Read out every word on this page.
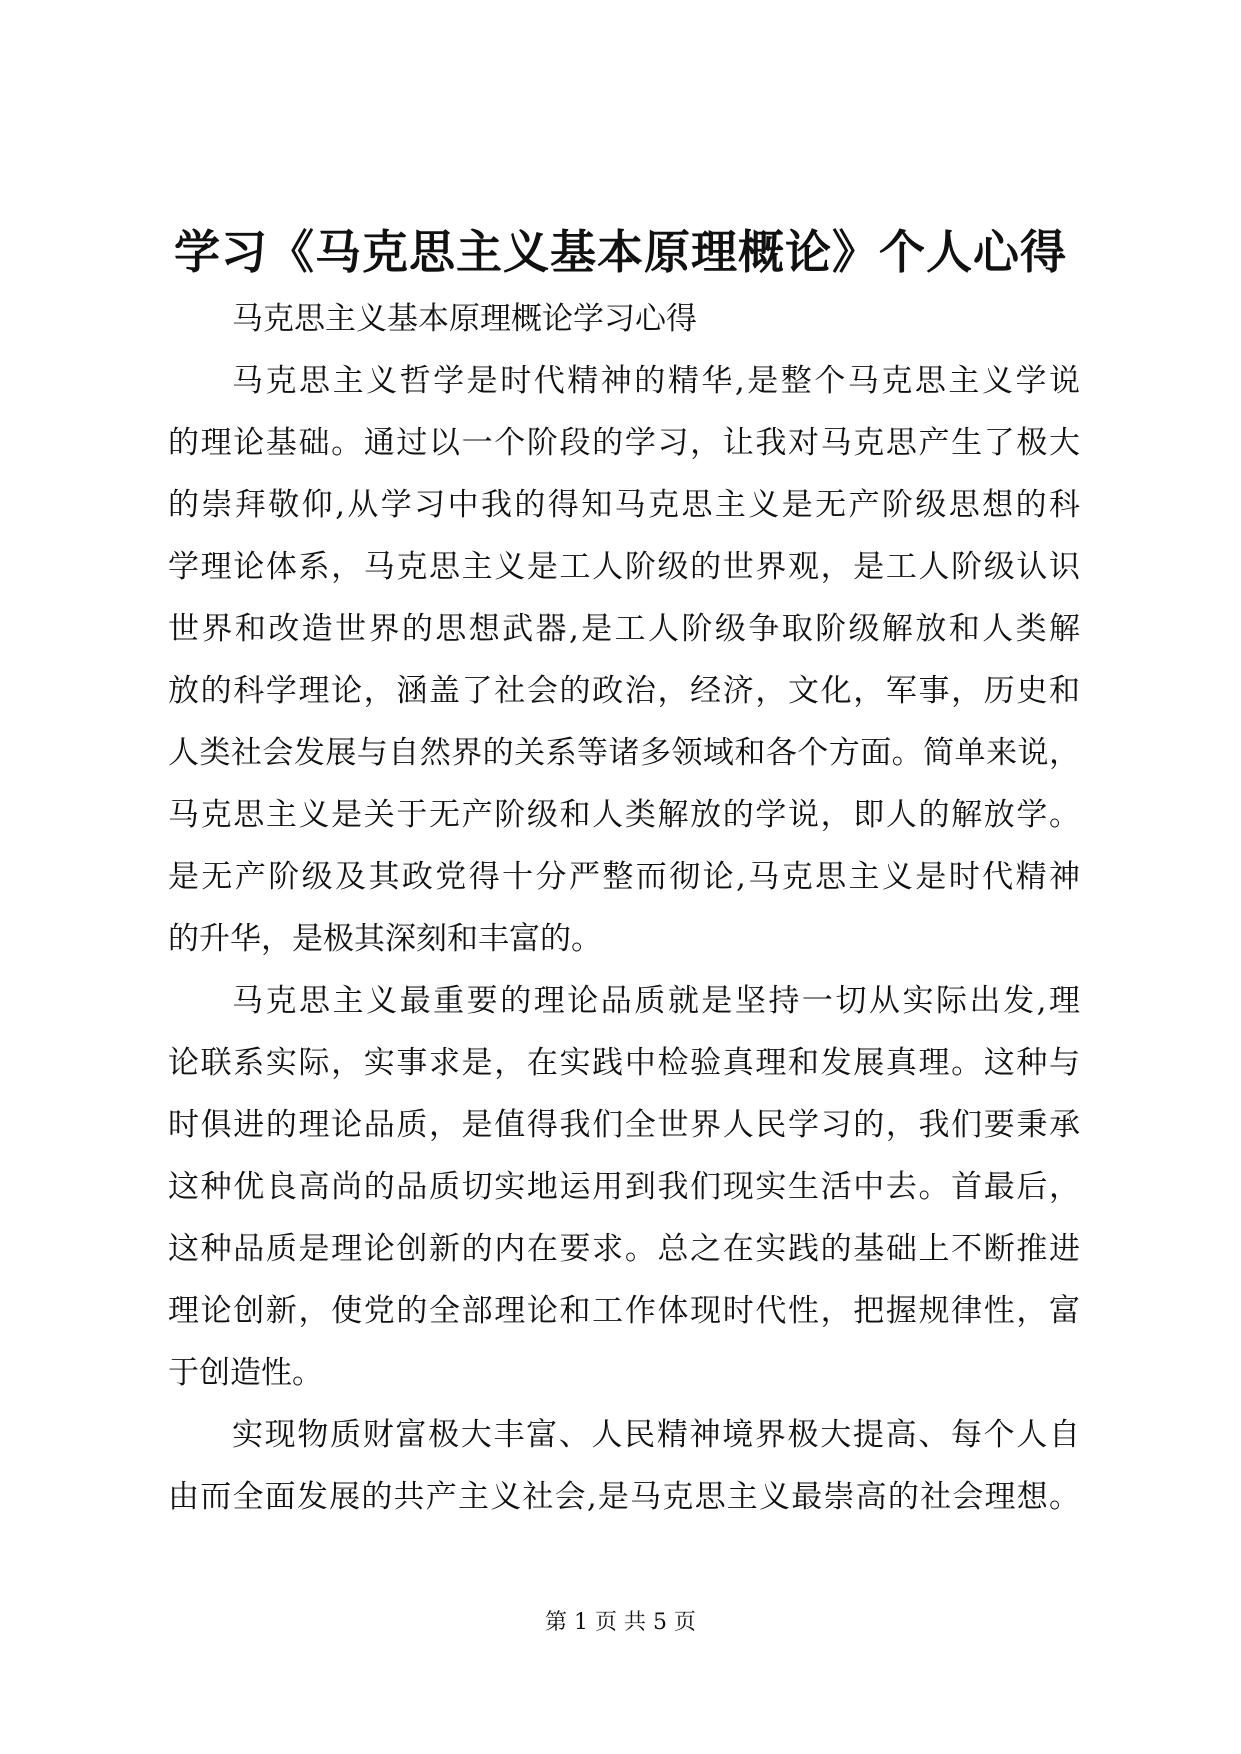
学习《马克思主义基本原理概论》个人心得
马克思主义基本原理概论学习心得
马克思主义哲学是时代精神的精华,是整个马克思主义学说
的理论基础。通过以一个阶段的学习，让我对马克思产生了极大
的崇拜敬仰,从学习中我的得知马克思主义是无产阶级思想的科
学理论体系，马克思主义是工人阶级的世界观，是工人阶级认识
世界和改造世界的思想武器,是工人阶级争取阶级解放和人类解
放的科学理论，涵盖了社会的政治，经济，文化，军事，历史和
人类社会发展与自然界的关系等诸多领域和各个方面。简单来说，
马克思主义是关于无产阶级和人类解放的学说，即人的解放学。
是无产阶级及其政党得十分严整而彻论,马克思主义是时代精神
的升华，是极其深刻和丰富的。
马克思主义最重要的理论品质就是坚持一切从实际出发,理
论联系实际，实事求是，在实践中检验真理和发展真理。这种与
时俱进的理论品质，是值得我们全世界人民学习的，我们要秉承
这种优良高尚的品质切实地运用到我们现实生活中去。首最后，
这种品质是理论创新的内在要求。总之在实践的基础上不断推进
理论创新，使党的全部理论和工作体现时代性，把握规律性，富
于创造性。
实现物质财富极大丰富、人民精神境界极大提高、每个人自
由而全面发展的共产主义社会,是马克思主义最崇高的社会理想。
第 1 页 共 5 页
